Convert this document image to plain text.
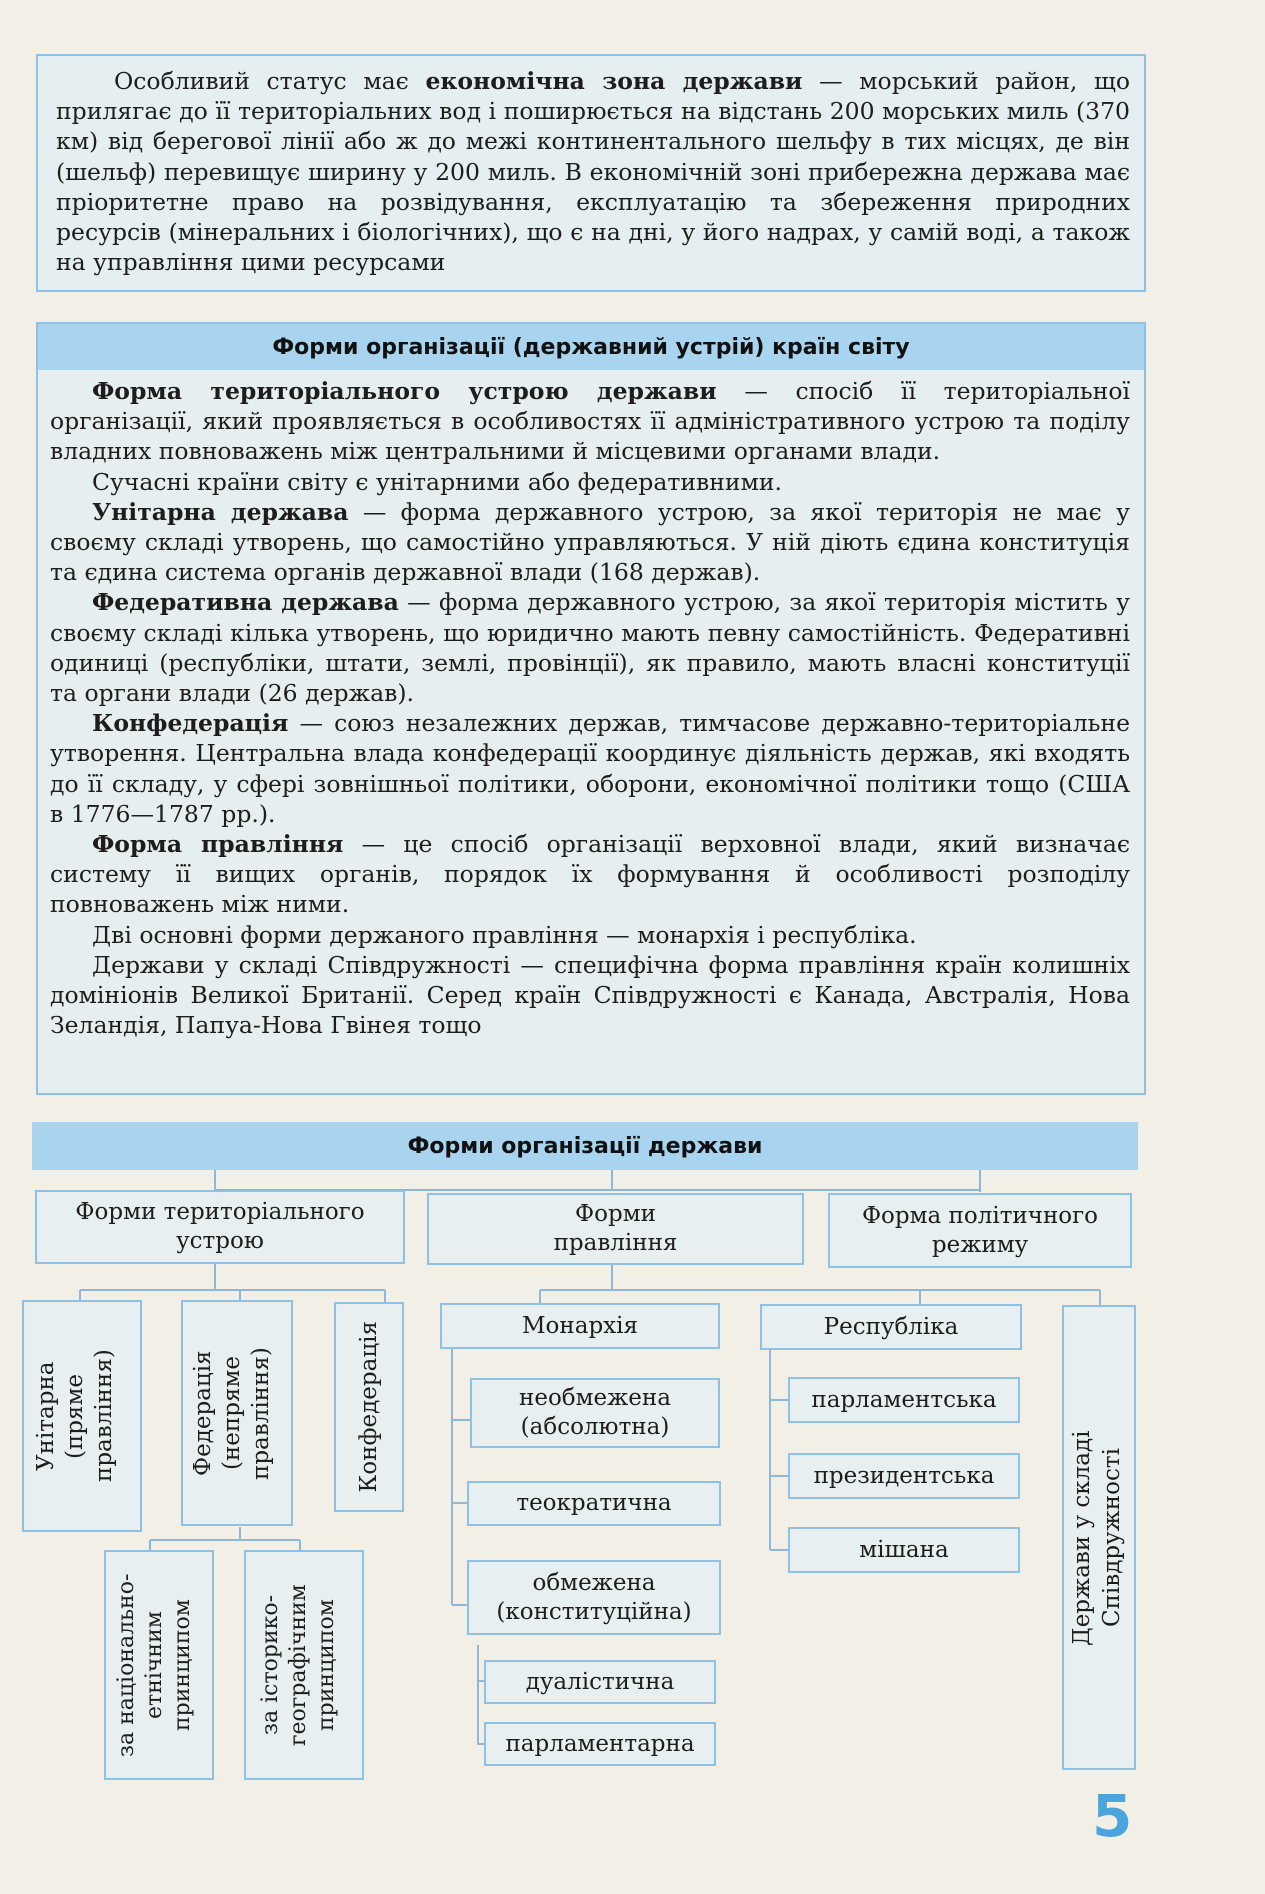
Особливий статус має економічна зона держави — морський район, що прилягає до її територіальних вод і поширюється на відстань 200 морських миль (370 км) від берегової лінії або ж до межі континентального шельфу в тих місцях, де він (шельф) перевищує ширину у 200 миль. В економічній зоні прибережна держава має пріоритетне право на розвідування, експлуатацію та збереження природних ресурсів (мінеральних і біологічних), що є на дні, у його надрах, у самій воді, а також на управління цими ресурсами

Форми організації (державний устрій) країн світу

Форма територіального устрою держави — спосіб її територіальної організації, який проявляється в особливостях її адміністративного устрою та поділу владних повноважень між центральними й місцевими органами влади.

Сучасні країни світу є унітарними або федеративними.

Унітарна держава — форма державного устрою, за якої територія не має у своєму складі утворень, що самостійно управляються. У ній діють єдина конституція та єдина система органів державної влади (168 держав).

Федеративна держава — форма державного устрою, за якої територія містить у своєму складі кілька утворень, що юридично мають певну самостійність. Федеративні одиниці (республіки, штати, землі, провінції), як правило, мають власні конституції та органи влади (26 держав).

Конфедерація — союз незалежних держав, тимчасове державно-територіальне утворення. Центральна влада конфедерації координує діяльність держав, які входять до її складу, у сфері зовнішньої політики, оборони, економічної політики тощо (США в 1776—1787 рр.).

Форма правління — це спосіб організації верховної влади, який визначає систему її вищих органів, порядок їх формування й особливості розподілу повноважень між ними.

Дві основні форми держаного правління — монархія і республіка.

Держави у складі Співдружності — специфічна форма правління країн колишніх домініонів Великої Британії. Серед країн Співдружності є Канада, Австралія, Нова Зеландія, Папуа-Нова Гвінея тощо

Форми організації держави
Форми територіального устрою
Форми правління
Форма політичного режиму
Унітарна (пряме правління)	Федерація (непряме правління)	Конфедерація
за національно-етнічним принципом	за історико-географічним принципом
Монархія
необмежена (абсолютна)
теократична
обмежена (конституційна)
дуалістична
парламентарна
Республіка
парламентська
президентська
мішана	Держави у складі Співдружності
5
